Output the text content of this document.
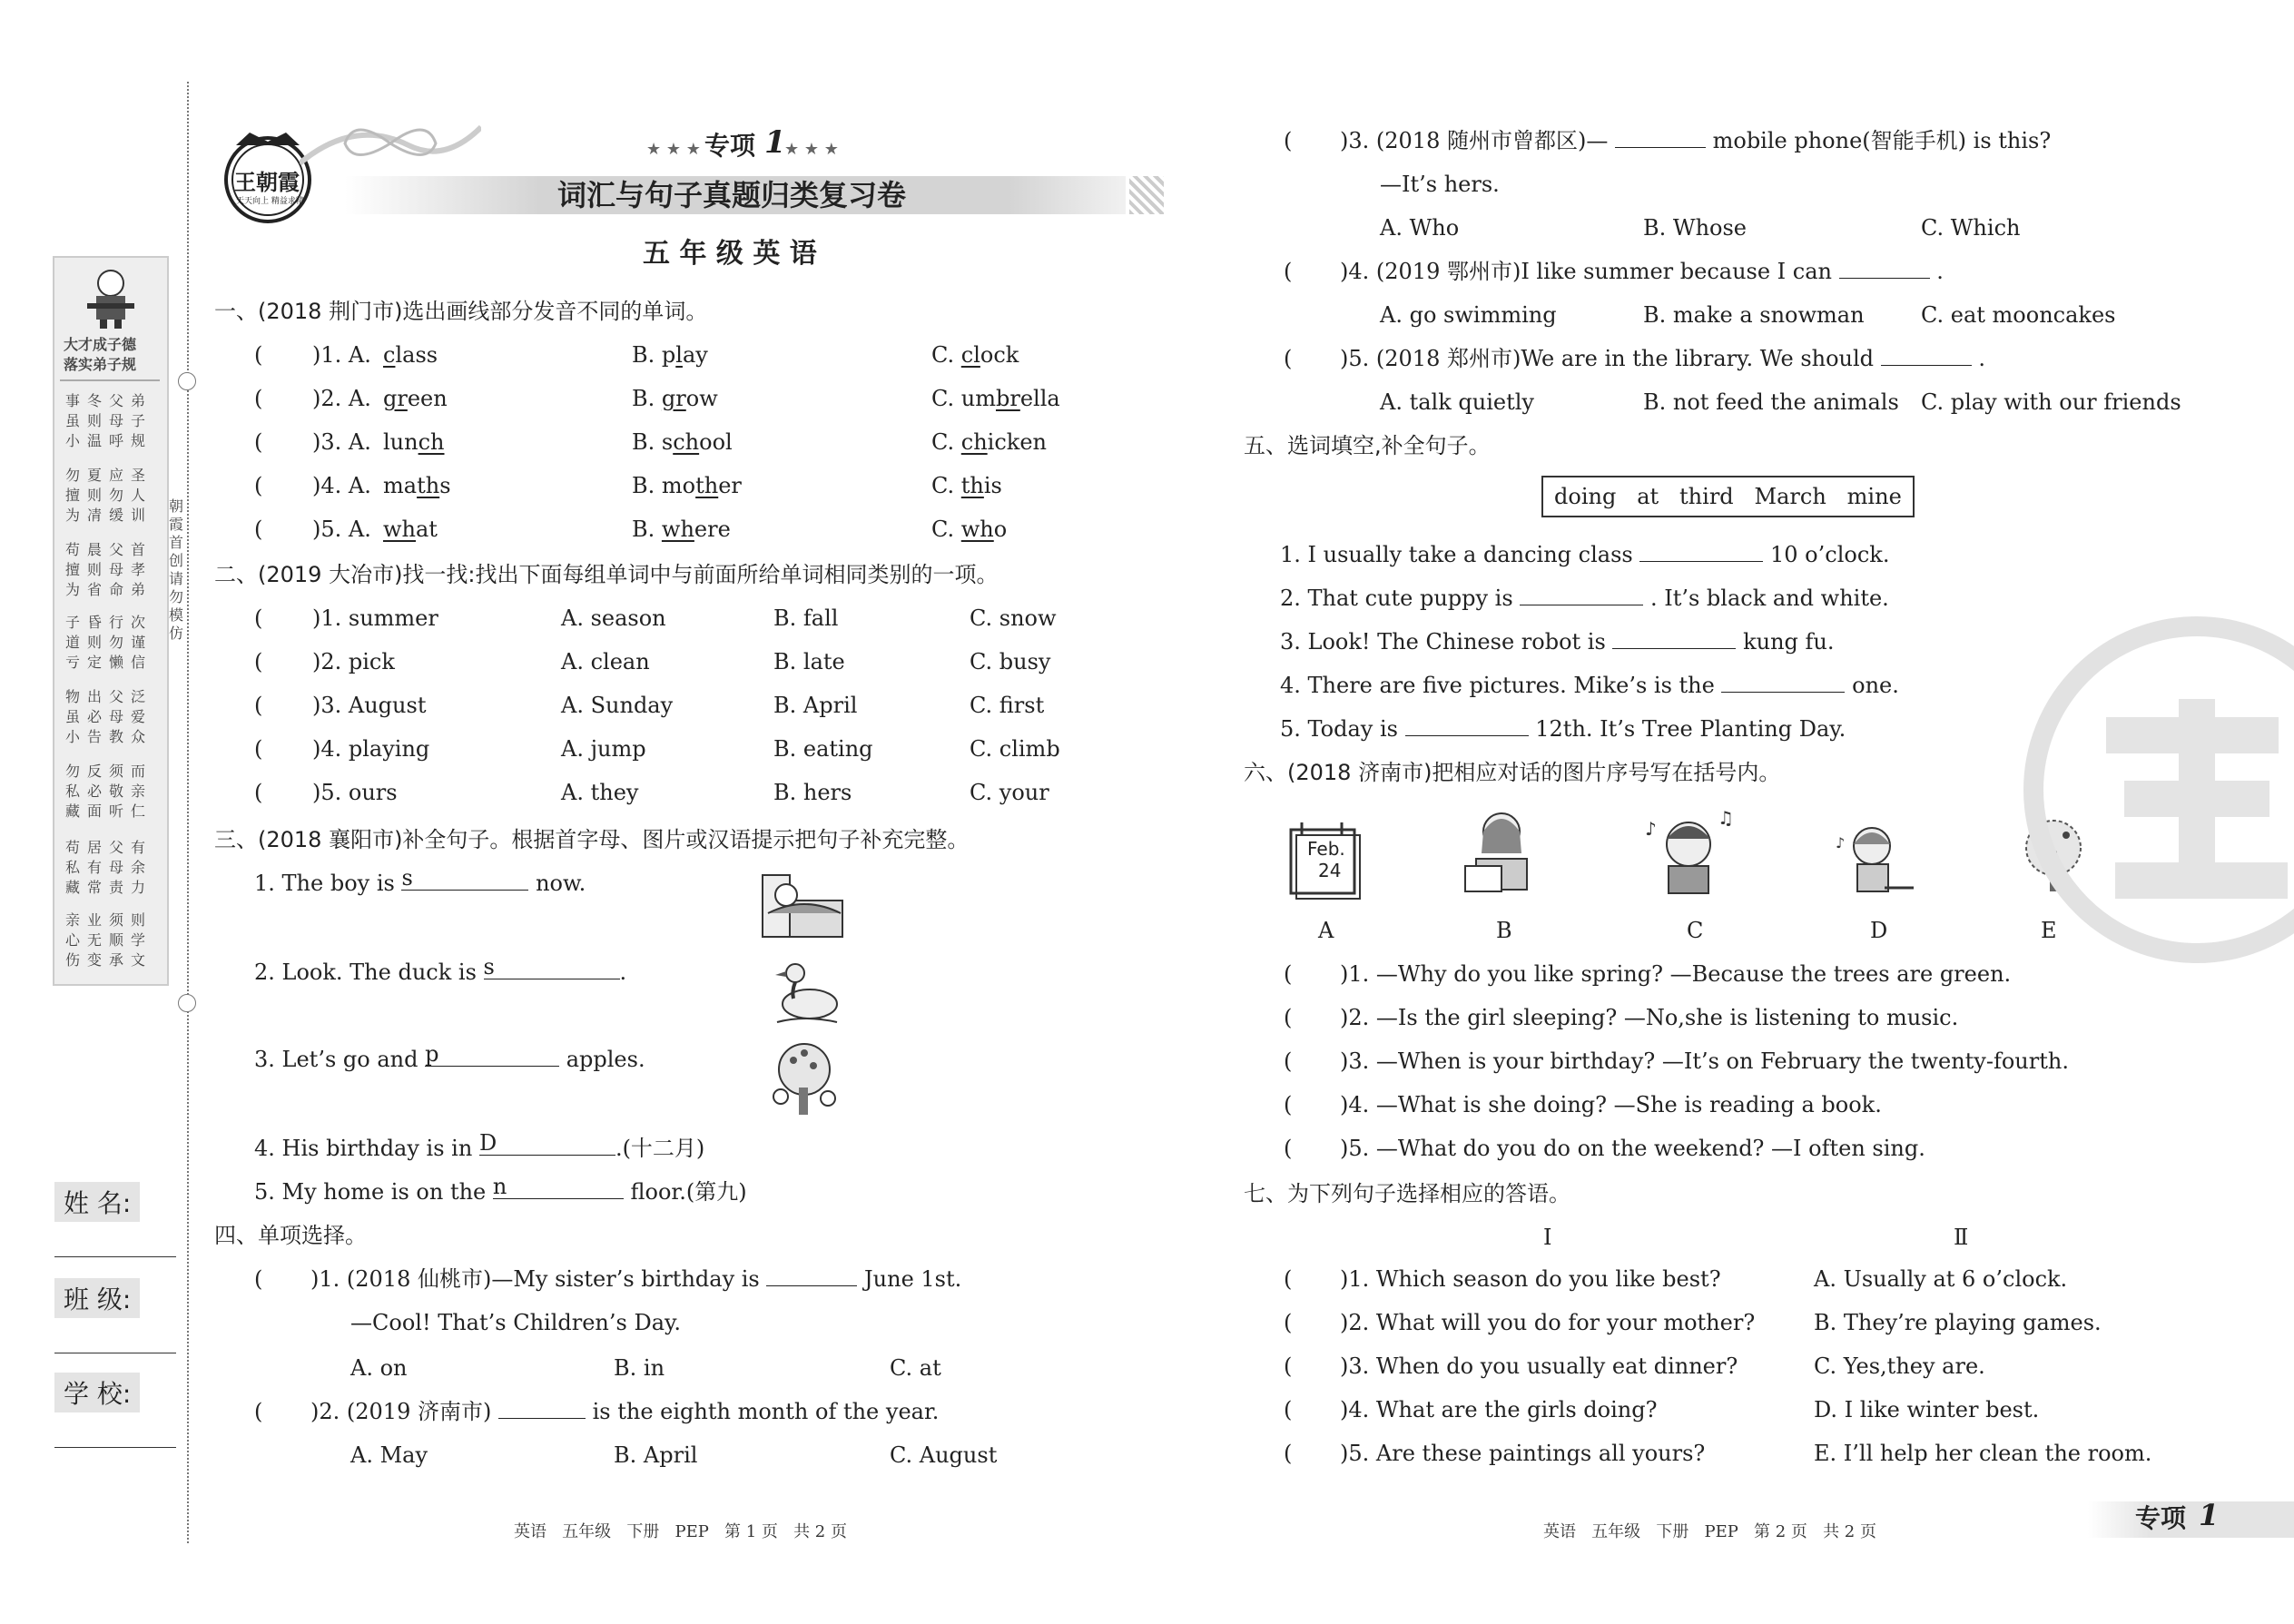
大才成子德
落实弟子规
事冬父弟
虽则母子
小温呼规
勿夏应圣
擅则勿人
为凊缓训
苟晨父首
擅则母孝
为省命弟
子昏行次
道则勿谨
亏定懒信
物出父泛
虽必母爱
小告教众
勿反须而
私必敬亲
藏面听仁
苟居父有
私有母余
藏常责力
亲业须则
心无顺学
伤变承文
朝霞首创 请勿模仿
姓 名:
班 级:
学 校:
王朝霞
天天向上 精益求精
★ ★ ★ 专项 1
★ ★ ★
词汇与句子真题归类复习卷
五 年 级 英 语
一、(2018 荆门市)选出画线部分发音不同的单词。
( )1. A. class	B. play	C. clock
( )2. A. green	B. grow	C. umbrella
( )3. A. lunch	B. school	C. chicken
( )4. A. maths	B. mother	C. this
( )5. A. what	B. where	C. who
二、(2019 大冶市)找一找:找出下面每组单词中与前面所给单词相同类别的一项。
( )1. summer	A. season	B. fall	C. snow
( )2. pick	A. clean	B. late	C. busy
( )3. August	A. Sunday	B. April	C. first
( )4. playing	A. jump	B. eating	C. climb
( )5. ours	A. they	B. hers	C. your
三、(2018 襄阳市)补全句子。根据首字母、图片或汉语提示把句子补充完整。
1. The boy is s	now.
2. Look. The duck is s	.
3. Let’s go and p	apples.
4. His birthday is in D	.(十二月)
5. My home is on the n	floor.(第九)
四、单项选择。
( )1. (2018 仙桃市)—My sister’s birthday is	June 1st.
—Cool! That’s Children’s Day.
A. on	B. in	C. at
( )2. (2019 济南市)	is the eighth month of the year.
A. May	B. April	C. August
( )3. (2018 随州市曾都区)—	mobile phone(智能手机) is this?
—It’s hers.
A. Who	B. Whose	C. Which
( )4. (2019 鄂州市)I like summer because I can	.
A. go swimming	B. make a snowman	C. eat mooncakes
( )5. (2018 郑州市)We are in the library. We should	.
A. talk quietly	B. not feed the animals C. play with our friends
五、选词填空,补全句子。
doing   at   third   March   mine
1. I usually take a dancing class	10 o’clock.
2. That cute puppy is	. It’s black and white.
3. Look! The Chinese robot is	kung fu.
4. There are five pictures. Mike’s is the	one.
5. Today is	12th. It’s Tree Planting Day.
六、(2018 济南市)把相应对话的图片序号写在括号内。
Feb.
24
♪	♫
♪
A	B	C	D	E
( )1. —Why do you like spring? —Because the trees are green.
( )2. —Is the girl sleeping? —No,she is listening to music.
( )3. —When is your birthday? —It’s on February the twenty-fourth.
( )4. —What is she doing? —She is reading a book.
( )5. —What do you do on the weekend? —I often sing.
七、为下列句子选择相应的答语。
Ⅰ	Ⅱ
( )1. Which season do you like best?	A. Usually at 6 o’clock.
( )2. What will you do for your mother?	B. They’re playing games.
( )3. When do you usually eat dinner?	C. Yes,they are.
( )4. What are the girls doing?	D. I like winter best.
( )5. Are these paintings all yours?	E. I’ll help her clean the room.
英语   五年级   下册   PEP   第 1 页   共 2 页	英语   五年级   下册   PEP   第 2 页   共 2 页	专项 1
